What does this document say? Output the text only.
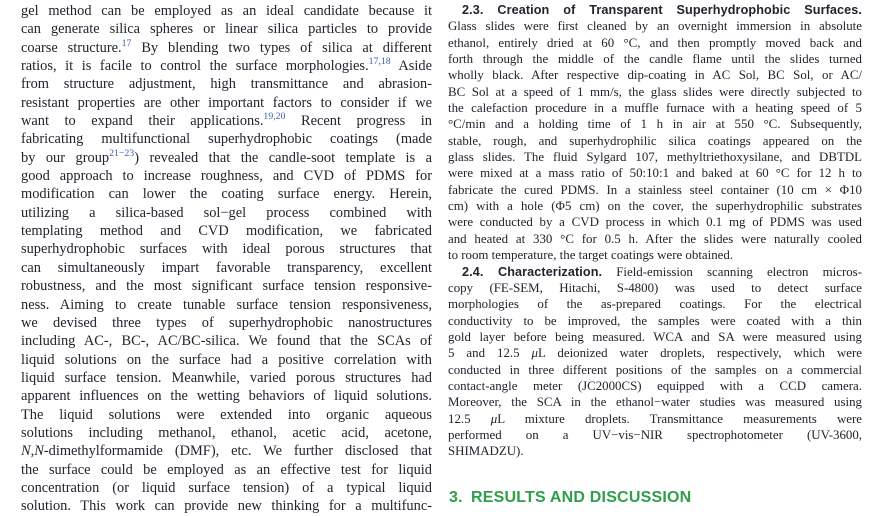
gel method can be employed as an ideal candidate because it
can generate silica spheres or linear silica particles to provide
coarse structure.$^{17}$ By blending two types of silica at different
ratios, it is facile to control the surface morphologies.$^{17,18}$ Aside
from structure adjustment, high transmittance and abrasion-
resistant properties are other important factors to consider if we
want to expand their applications.$^{19,20}$ Recent progress in
fabricating multifunctional superhydrophobic coatings (made
by our group$^{21-23}$) revealed that the candle-soot template is a
good approach to increase roughness, and CVD of PDMS for
modification can lower the coating surface energy. Herein,
utilizing a silica-based sol−gel process combined with
templating method and CVD modification, we fabricated
superhydrophobic surfaces with ideal porous structures that
can simultaneously impart favorable transparency, excellent
robustness, and the most significant surface tension responsive-
ness. Aiming to create tunable surface tension responsiveness,
we devised three types of superhydrophobic nanostructures
including AC-, BC-, AC/BC-silica. We found that the SCAs of
liquid solutions on the surface had a positive correlation with
liquid surface tension. Meanwhile, varied porous structures had
apparent influences on the wetting behaviors of liquid solutions.
The liquid solutions were extended into organic aqueous
solutions including methanol, ethanol, acetic acid, acetone,
N,N-dimethylformamide (DMF), etc. We further disclosed that
the surface could be employed as an effective test for liquid
concentration (or liquid surface tension) of a typical liquid
solution. This work can provide new thinking for a multifunc-
2.3. Creation of Transparent Superhydrophobic Surfaces.
Glass slides were first cleaned by an overnight immersion in absolute
ethanol, entirely dried at 60 °C, and then promptly moved back and
forth through the middle of the candle flame until the slides turned
wholly black. After respective dip-coating in AC Sol, BC Sol, or AC/
BC Sol at a speed of 1 mm/s, the glass slides were directly subjected to
the calefaction procedure in a muffle furnace with a heating speed of 5
°C/min and a holding time of 1 h in air at 550 °C. Subsequently,
stable, rough, and superhydrophilic silica coatings appeared on the
glass slides. The fluid Sylgard 107, methyltriethoxysilane, and DBTDL
were mixed at a mass ratio of 50:10:1 and baked at 60 °C for 12 h to
fabricate the cured PDMS. In a stainless steel container (10 cm × Φ10
cm) with a hole (Φ5 cm) on the cover, the superhydrophilic substrates
were conducted by a CVD process in which 0.1 mg of PDMS was used
and heated at 330 °C for 0.5 h. After the slides were naturally cooled
to room temperature, the target coatings were obtained.
2.4. Characterization. Field-emission scanning electron micros-
copy (FE-SEM, Hitachi, S-4800) was used to detect surface
morphologies of the as-prepared coatings. For the electrical
conductivity to be improved, the samples were coated with a thin
gold layer before being measured. WCA and SA were measured using
5 and 12.5 μL deionized water droplets, respectively, which were
conducted in three different positions of the samples on a commercial
contact-angle meter (JC2000CS) equipped with a CCD camera.
Moreover, the SCA in the ethanol−water studies was measured using
12.5 μL mixture droplets. Transmittance measurements were
performed on a UV−vis−NIR spectrophotometer (UV-3600,
SHIMADZU).
3. RESULTS AND DISCUSSION
